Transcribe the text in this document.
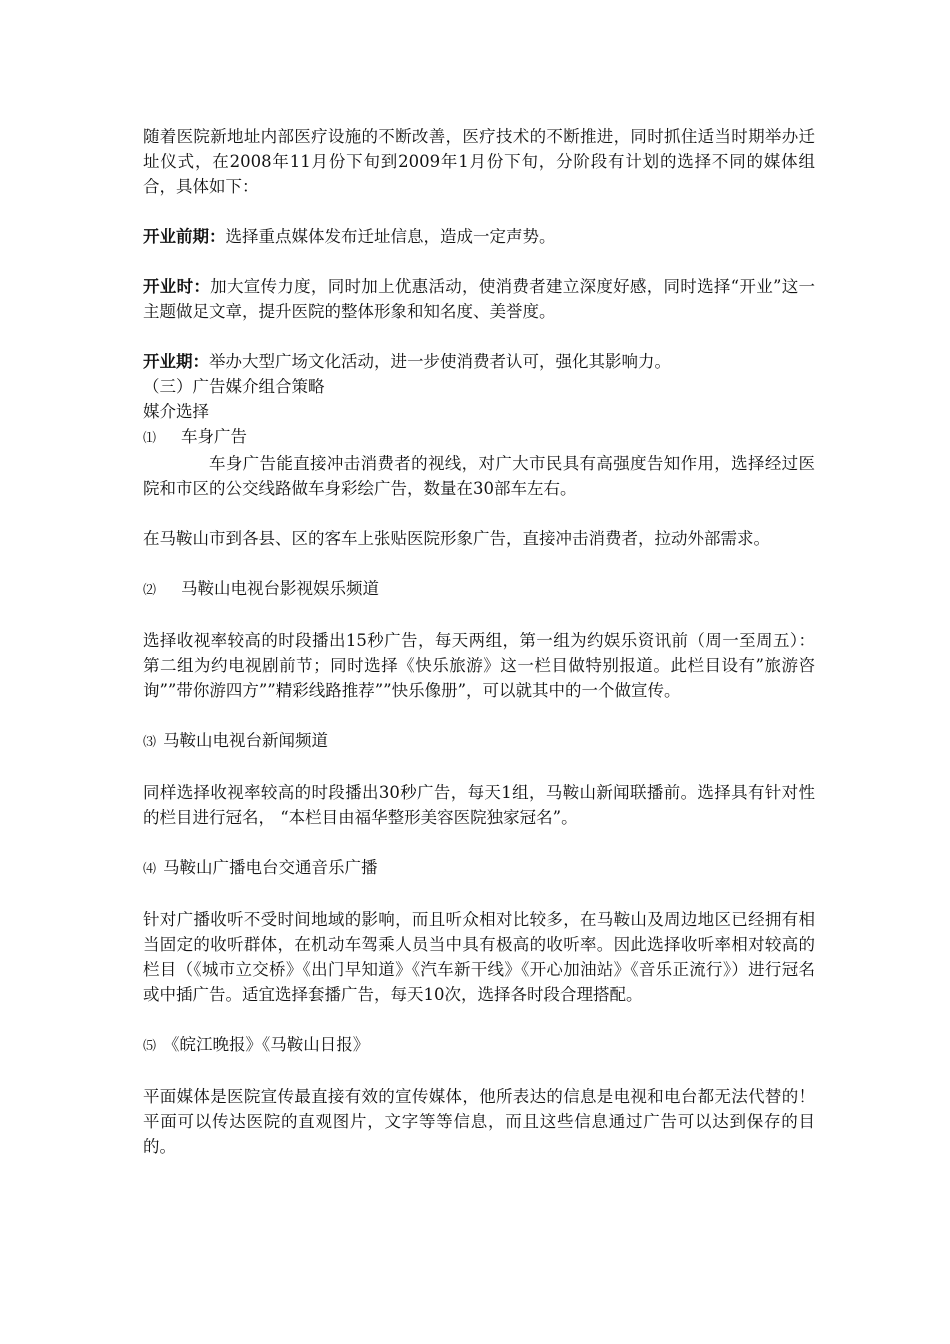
随着医院新地址内部医疗设施的不断改善，医疗技术的不断推进，同时抓住适当时期举办迁址仪式，在2008年11月份下旬到2009年1月份下旬，分阶段有计划的选择不同的媒体组合，具体如下：

开业前期：选择重点媒体发布迁址信息，造成一定声势。

开业时：加大宣传力度，同时加上优惠活动，使消费者建立深度好感，同时选择“开业”这一主题做足文章，提升医院的整体形象和知名度、美誉度。

开业期：举办大型广场文化活动，进一步使消费者认可，强化其影响力。

（三）广告媒介组合策略

媒介选择

⑴ 车身广告

车身广告能直接冲击消费者的视线，对广大市民具有高强度告知作用，选择经过医院和市区的公交线路做车身彩绘广告，数量在30部车左右。

在马鞍山市到各县、区的客车上张贴医院形象广告，直接冲击消费者，拉动外部需求。

⑵ 马鞍山电视台影视娱乐频道

选择收视率较高的时段播出15秒广告，每天两组，第一组为约娱乐资讯前（周一至周五）：第二组为约电视剧前节；同时选择《快乐旅游》这一栏目做特别报道。此栏目设有”旅游咨询””带你游四方””精彩线路推荐””快乐像册”，可以就其中的一个做宣传。

⑶ 马鞍山电视台新闻频道

同样选择收视率较高的时段播出30秒广告，每天1组，马鞍山新闻联播前。选择具有针对性的栏目进行冠名， “本栏目由福华整形美容医院独家冠名”。

⑷ 马鞍山广播电台交通音乐广播

针对广播收听不受时间地域的影响，而且听众相对比较多，在马鞍山及周边地区已经拥有相当固定的收听群体，在机动车驾乘人员当中具有极高的收听率。因此选择收听率相对较高的栏目（《城市立交桥》《出门早知道》《汽车新干线》《开心加油站》《音乐正流行》）进行冠名或中插广告。适宜选择套播广告，每天10次，选择各时段合理搭配。

⑸ 《皖江晚报》《马鞍山日报》

平面媒体是医院宣传最直接有效的宣传媒体，他所表达的信息是电视和电台都无法代替的！平面可以传达医院的直观图片，文字等等信息，而且这些信息通过广告可以达到保存的目的。
